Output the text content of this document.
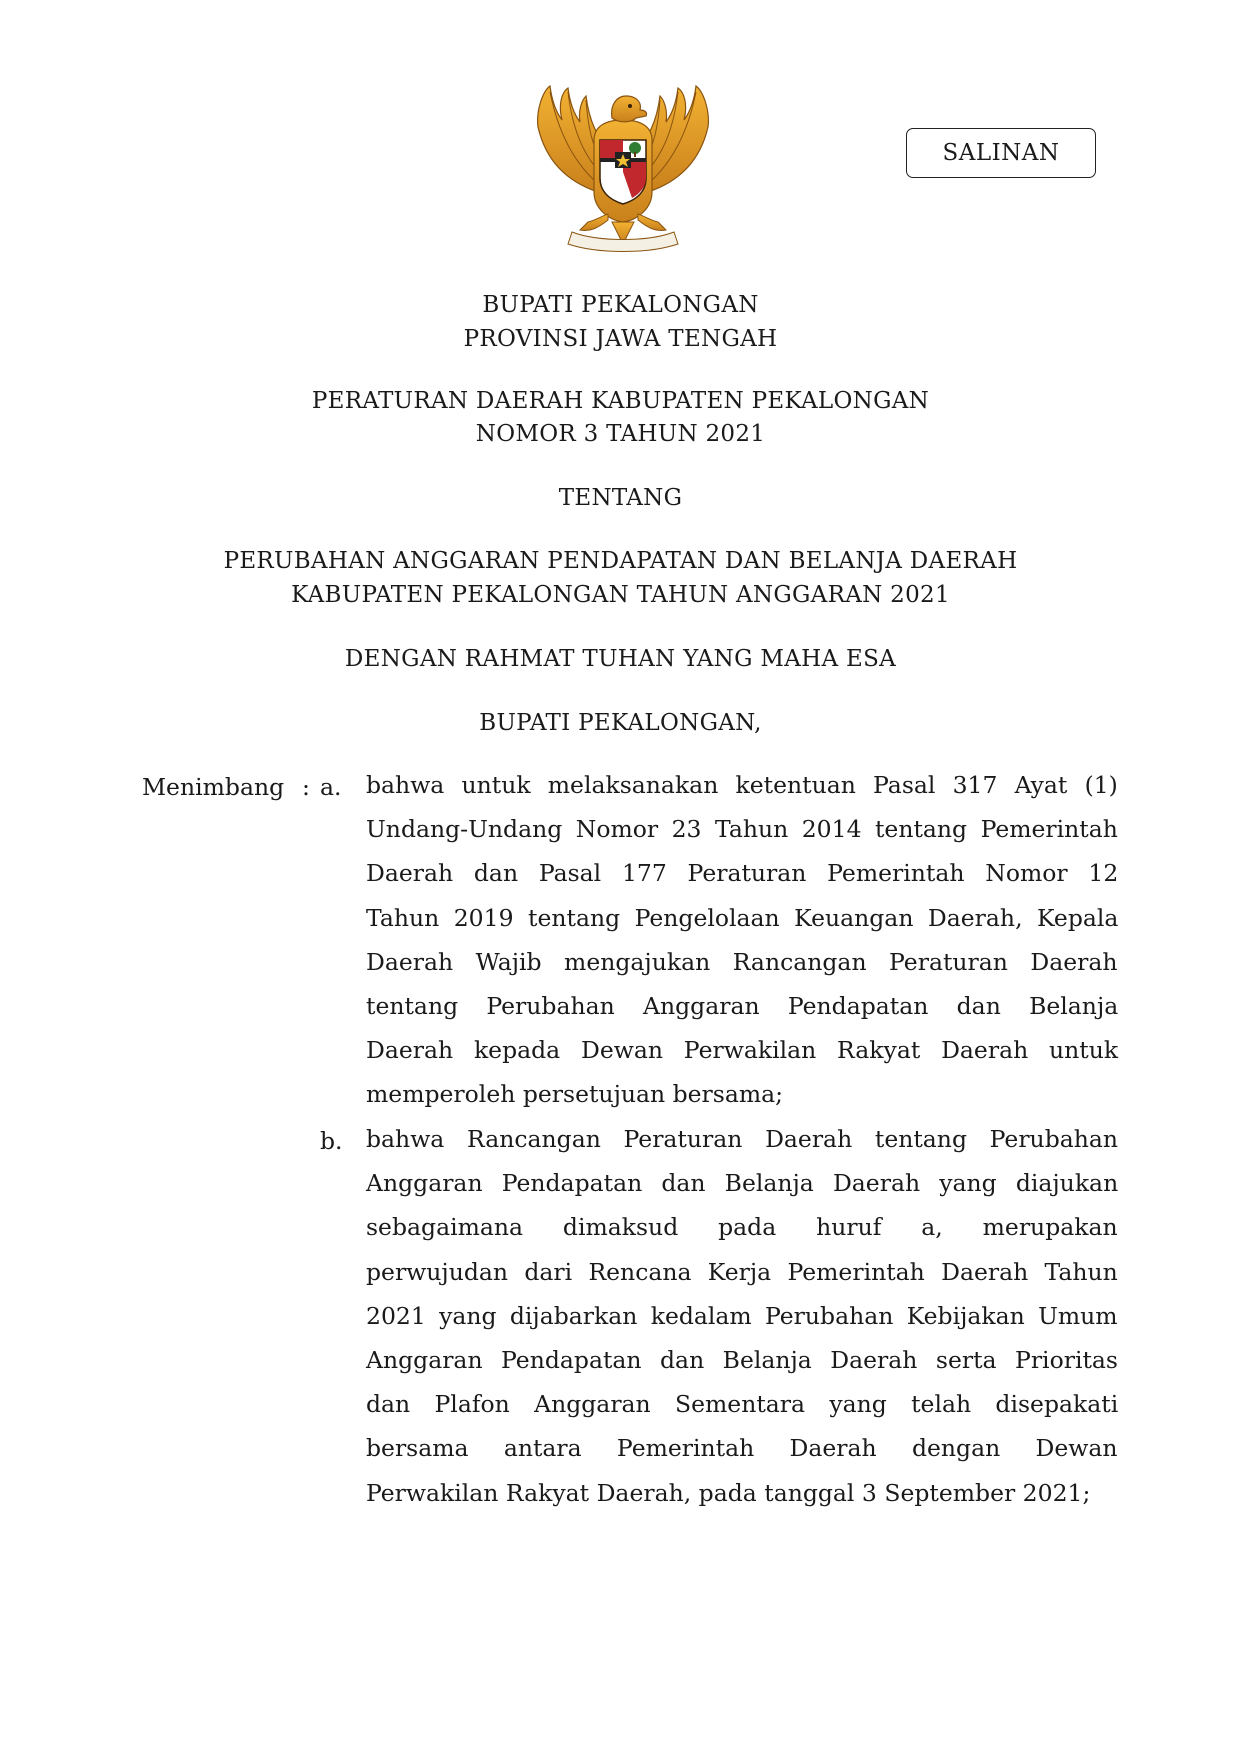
SALINAN
BUPATI PEKALONGAN
PROVINSI JAWA TENGAH
PERATURAN DAERAH KABUPATEN PEKALONGAN
NOMOR 3 TAHUN 2021
TENTANG
PERUBAHAN ANGGARAN PENDAPATAN DAN BELANJA DAERAH
KABUPATEN PEKALONGAN TAHUN ANGGARAN 2021
DENGAN RAHMAT TUHAN YANG MAHA ESA
BUPATI PEKALONGAN,
Menimbang : a. bahwa untuk melaksanakan ketentuan Pasal 317 Ayat (1)
Undang-Undang Nomor 23 Tahun 2014 tentang Pemerintah
Daerah dan Pasal 177 Peraturan Pemerintah Nomor 12
Tahun 2019 tentang Pengelolaan Keuangan Daerah, Kepala
Daerah Wajib mengajukan Rancangan Peraturan Daerah
tentang Perubahan Anggaran Pendapatan dan Belanja
Daerah kepada Dewan Perwakilan Rakyat Daerah untuk
memperoleh persetujuan bersama;
b. bahwa Rancangan Peraturan Daerah tentang Perubahan
Anggaran Pendapatan dan Belanja Daerah yang diajukan
sebagaimana dimaksud pada huruf a, merupakan
perwujudan dari Rencana Kerja Pemerintah Daerah Tahun
2021 yang dijabarkan kedalam Perubahan Kebijakan Umum
Anggaran Pendapatan dan Belanja Daerah serta Prioritas
dan Plafon Anggaran Sementara yang telah disepakati
bersama antara Pemerintah Daerah dengan Dewan
Perwakilan Rakyat Daerah, pada tanggal 3 September 2021;
